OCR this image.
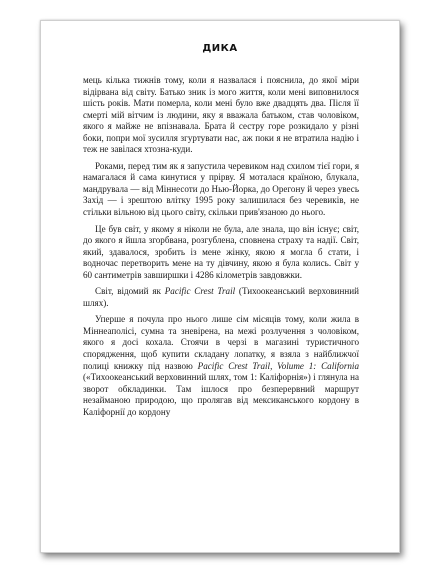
ДИКА

мець кілька тижнів тому, коли я назвалася і пояснила, до якої міри відірвана від світу. Батько зник із мого життя, коли мені виповнилося шість років. Мати померла, коли мені було вже двадцять два. Після її смерті мій вітчим із людини, яку я вважала батьком, став чоловіком, якого я майже не впізнавала. Брата й сестру горе розкидало у різні боки, попри мої зусилля згуртувати нас, аж поки я не втратила надію і теж не завілася хтозна-куди.

Роками, перед тим як я запустила черевиком над схилом тієї гори, я намагалася й сама кинутися у прірву. Я моталася країною, блукала, мандрувала — від Міннесоти до Нью-Йорка, до Орегону й через увесь Захід — і зрештою влітку 1995 року залишилася без черевиків, не стільки вільною від цього світу, скільки прив'язаною до нього.

Це був світ, у якому я ніколи не була, але знала, що він існує; світ, до якого я йшла згорбвана, розгублена, сповнена страху та надії. Світ, який, здавалося, зробить із мене жінку, якою я могла б стати, і водночас перетворить мене на ту дівчину, якою я була колись. Світ у 60 сантиметрів завширшки і 4286 кілометрів завдовжки.

Світ, відомий як Pacific Crest Trail (Тихоокеанський верховинний шлях).

Уперше я почула про нього лише сім місяців тому, коли жила в Міннеаполісі, сумна та зневірена, на межі розлучення з чоловіком, якого я досі кохала. Стоячи в черзі в магазині туристичного спорядження, щоб купити складану лопатку, я взяла з найближчої полиці книжку під назвою Pacific Crest Trail, Volume 1: California («Тихоокеанський верховинний шлях, том 1: Каліфорнія») і глянула на зворот обкладинки. Там ішлося про безперервний маршрут незайманою природою, що пролягав від мексиканського кордону в Каліфорнії до кордону
